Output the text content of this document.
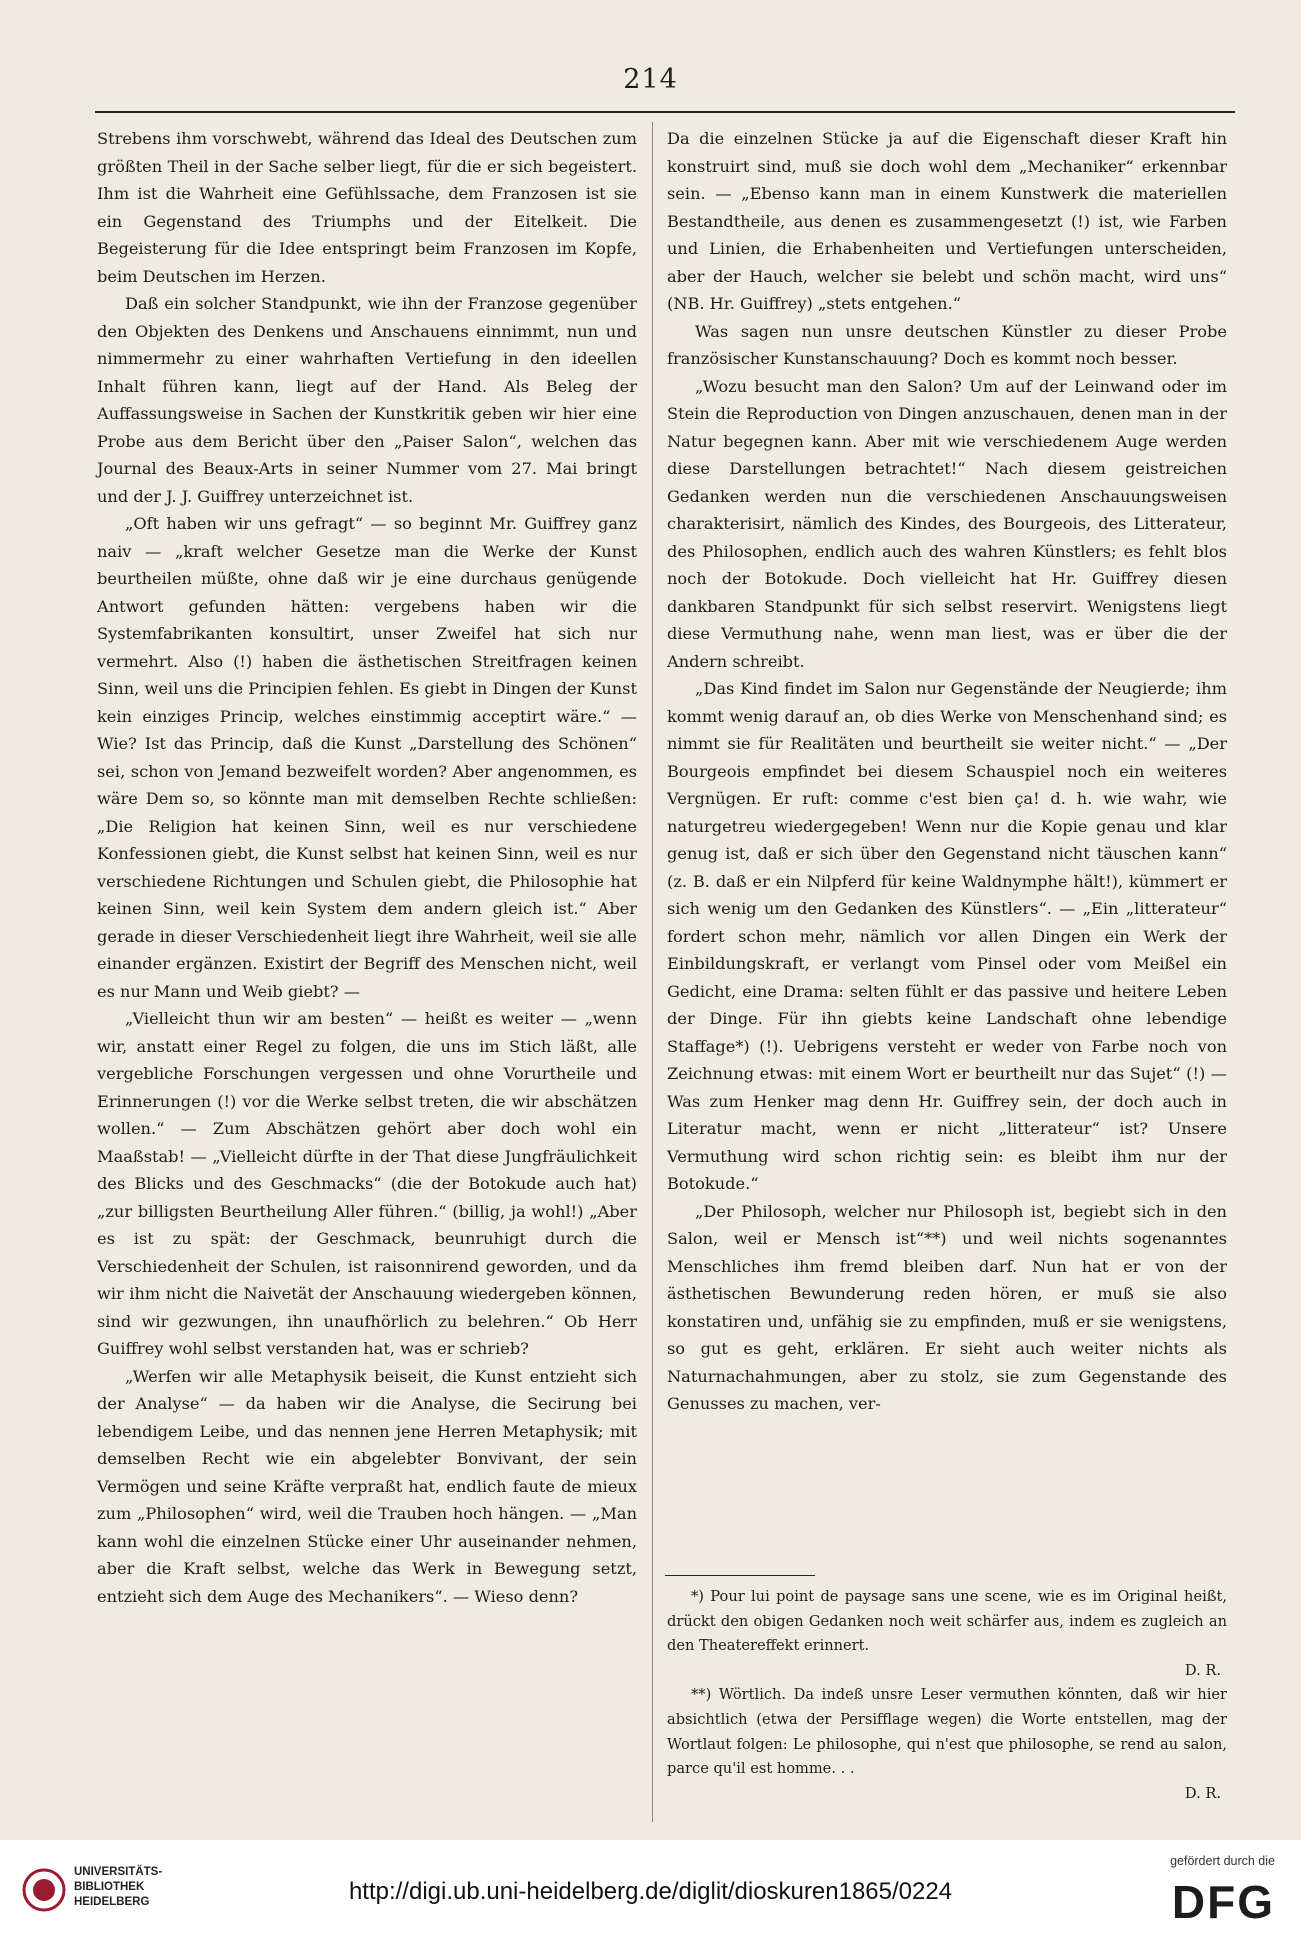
214

Strebens ihm vorschwebt, während das Ideal des Deutschen zum größten Theil in der Sache selber liegt, für die er sich begeistert. Ihm ist die Wahrheit eine Gefühlssache, dem Franzosen ist sie ein Gegenstand des Triumphs und der Eitelkeit. Die Begeisterung für die Idee entspringt beim Franzosen im Kopfe, beim Deutschen im Herzen.

Daß ein solcher Standpunkt, wie ihn der Franzose gegenüber den Objekten des Denkens und Anschauens einnimmt, nun und nimmermehr zu einer wahrhaften Vertiefung in den ideellen Inhalt führen kann, liegt auf der Hand. Als Beleg der Auffassungsweise in Sachen der Kunstkritik geben wir hier eine Probe aus dem Bericht über den „Paiser Salon“, welchen das Journal des Beaux-Arts in seiner Nummer vom 27. Mai bringt und der J. J. Guiffrey unterzeichnet ist.

„Oft haben wir uns gefragt“ — so beginnt Mr. Guiffrey ganz naiv — „kraft welcher Gesetze man die Werke der Kunst beurtheilen müßte, ohne daß wir je eine durchaus genügende Antwort gefunden hätten: vergebens haben wir die Systemfabrikanten konsultirt, unser Zweifel hat sich nur vermehrt. Also (!) haben die ästhetischen Streitfragen keinen Sinn, weil uns die Principien fehlen. Es giebt in Dingen der Kunst kein einziges Princip, welches einstimmig acceptirt wäre.“ — Wie? Ist das Princip, daß die Kunst „Darstellung des Schönen“ sei, schon von Jemand bezweifelt worden? Aber angenommen, es wäre Dem so, so könnte man mit demselben Rechte schließen: „Die Religion hat keinen Sinn, weil es nur verschiedene Konfessionen giebt, die Kunst selbst hat keinen Sinn, weil es nur verschiedene Richtungen und Schulen giebt, die Philosophie hat keinen Sinn, weil kein System dem andern gleich ist.“ Aber gerade in dieser Verschiedenheit liegt ihre Wahrheit, weil sie alle einander ergänzen. Existirt der Begriff des Menschen nicht, weil es nur Mann und Weib giebt? —

„Vielleicht thun wir am besten“ — heißt es weiter — „wenn wir, anstatt einer Regel zu folgen, die uns im Stich läßt, alle vergebliche Forschungen vergessen und ohne Vorurtheile und Erinnerungen (!) vor die Werke selbst treten, die wir abschätzen wollen.“ — Zum Abschätzen gehört aber doch wohl ein Maaßstab! — „Vielleicht dürfte in der That diese Jungfräulichkeit des Blicks und des Geschmacks“ (die der Botokude auch hat) „zur billigsten Beurtheilung Aller führen.“ (billig, ja wohl!) „Aber es ist zu spät: der Geschmack, beunruhigt durch die Verschiedenheit der Schulen, ist raisonnirend geworden, und da wir ihm nicht die Naivetät der Anschauung wiedergeben können, sind wir gezwungen, ihn unaufhörlich zu belehren.“ Ob Herr Guiffrey wohl selbst verstanden hat, was er schrieb?

„Werfen wir alle Metaphysik beiseit, die Kunst entzieht sich der Analyse“ — da haben wir die Analyse, die Secirung bei lebendigem Leibe, und das nennen jene Herren Metaphysik; mit demselben Recht wie ein abgelebter Bonvivant, der sein Vermögen und seine Kräfte verpraßt hat, endlich faute de mieux zum „Philosophen“ wird, weil die Trauben hoch hängen. — „Man kann wohl die einzelnen Stücke einer Uhr auseinander nehmen, aber die Kraft selbst, welche das Werk in Bewegung setzt, entzieht sich dem Auge des Mechanikers“. — Wieso denn?

Da die einzelnen Stücke ja auf die Eigenschaft dieser Kraft hin konstruirt sind, muß sie doch wohl dem „Mechaniker“ erkennbar sein. — „Ebenso kann man in einem Kunstwerk die materiellen Bestandtheile, aus denen es zusammengesetzt (!) ist, wie Farben und Linien, die Erhabenheiten und Vertiefungen unterscheiden, aber der Hauch, welcher sie belebt und schön macht, wird uns“ (NB. Hr. Guiffrey) „stets entgehen.“

Was sagen nun unsre deutschen Künstler zu dieser Probe französischer Kunstanschauung? Doch es kommt noch besser.

„Wozu besucht man den Salon? Um auf der Leinwand oder im Stein die Reproduction von Dingen anzuschauen, denen man in der Natur begegnen kann. Aber mit wie verschiedenem Auge werden diese Darstellungen betrachtet!“ Nach diesem geistreichen Gedanken werden nun die verschiedenen Anschauungsweisen charakterisirt, nämlich des Kindes, des Bourgeois, des Litterateur, des Philosophen, endlich auch des wahren Künstlers; es fehlt blos noch der Botokude. Doch vielleicht hat Hr. Guiffrey diesen dankbaren Standpunkt für sich selbst reservirt. Wenigstens liegt diese Vermuthung nahe, wenn man liest, was er über die der Andern schreibt.

„Das Kind findet im Salon nur Gegenstände der Neugierde; ihm kommt wenig darauf an, ob dies Werke von Menschenhand sind; es nimmt sie für Realitäten und beurtheilt sie weiter nicht.“ — „Der Bourgeois empfindet bei diesem Schauspiel noch ein weiteres Vergnügen. Er ruft: comme c'est bien ça! d. h. wie wahr, wie naturgetreu wiedergegeben! Wenn nur die Kopie genau und klar genug ist, daß er sich über den Gegenstand nicht täuschen kann“ (z. B. daß er ein Nilpferd für keine Waldnymphe hält!), kümmert er sich wenig um den Gedanken des Künstlers“. — „Ein „litterateur“ fordert schon mehr, nämlich vor allen Dingen ein Werk der Einbildungskraft, er verlangt vom Pinsel oder vom Meißel ein Gedicht, eine Drama: selten fühlt er das passive und heitere Leben der Dinge. Für ihn giebts keine Landschaft ohne lebendige Staffage*) (!). Uebrigens versteht er weder von Farbe noch von Zeichnung etwas: mit einem Wort er beurtheilt nur das Sujet“ (!) — Was zum Henker mag denn Hr. Guiffrey sein, der doch auch in Literatur macht, wenn er nicht „litterateur“ ist? Unsere Vermuthung wird schon richtig sein: es bleibt ihm nur der Botokude.“

„Der Philosoph, welcher nur Philosoph ist, begiebt sich in den Salon, weil er Mensch ist“**) und weil nichts sogenanntes Menschliches ihm fremd bleiben darf. Nun hat er von der ästhetischen Bewunderung reden hören, er muß sie also konstatiren und, unfähig sie zu empfinden, muß er sie wenigstens, so gut es geht, erklären. Er sieht auch weiter nichts als Naturnachahmungen, aber zu stolz, sie zum Gegenstande des Genusses zu machen, ver-

*) Pour lui point de paysage sans une scene, wie es im Original heißt, drückt den obigen Gedanken noch weit schärfer aus, indem es zugleich an den Theatereffekt erinnert.

D. R.

**) Wörtlich. Da indeß unsre Leser vermuthen könnten, daß wir hier absichtlich (etwa der Persifflage wegen) die Worte entstellen, mag der Wortlaut folgen: Le philosophe, qui n'est que philosophe, se rend au salon, parce qu'il est homme. . .

D. R.

UNIVERSITÄTS-
BIBLIOTHEK
HEIDELBERG	http://digi.ub.uni-heidelberg.de/diglit/dioskuren1865/0224
gefördert durch die
DFG
